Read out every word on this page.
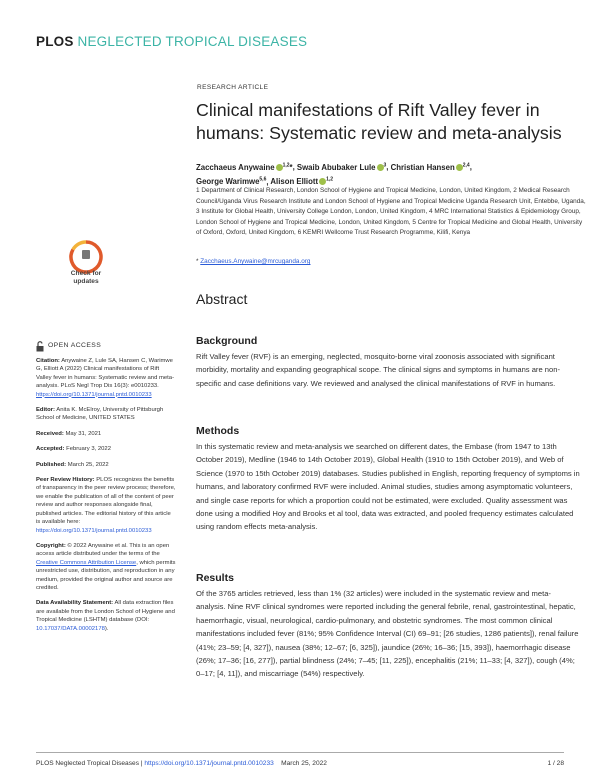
PLOS NEGLECTED TROPICAL DISEASES
RESEARCH ARTICLE
Clinical manifestations of Rift Valley fever in humans: Systematic review and meta-analysis
Zacchaeus Anywaine $^{1,2}$*, Swaib Abubaker Lule $^3$, Christian Hansen $^{2,4}$,
George Warimwe$^{5,6}$, Alison Elliott $^{1,2}$
1 Department of Clinical Research, London School of Hygiene and Tropical Medicine, London, United Kingdom, 2 Medical Research Council/Uganda Virus Research Institute and London School of Hygiene and Tropical Medicine Uganda Research Unit, Entebbe, Uganda, 3 Institute for Global Health, University College London, London, United Kingdom, 4 MRC International Statistics & Epidemiology Group, London School of Hygiene and Tropical Medicine, London, United Kingdom, 5 Centre for Tropical Medicine and Global Health, University of Oxford, Oxford, United Kingdom, 6 KEMRI Wellcome Trust Research Programme, Kilifi, Kenya
* Zacchaeus.Anywaine@mrcuganda.org
Check for updates
Abstract
Background
Rift Valley fever (RVF) is an emerging, neglected, mosquito-borne viral zoonosis associated with significant morbidity, mortality and expanding geographical scope. The clinical signs and symptoms in humans are non-specific and case definitions vary. We reviewed and analysed the clinical manifestations of RVF in humans.
Methods
In this systematic review and meta-analysis we searched on different dates, the Embase (from 1947 to 13th October 2019), Medline (1946 to 14th October 2019), Global Health (1910 to 15th October 2019), and Web of Science (1970 to 15th October 2019) databases. Studies published in English, reporting frequency of symptoms in humans, and laboratory confirmed RVF were included. Animal studies, studies among asymptomatic volunteers, and single case reports for which a proportion could not be estimated, were excluded. Quality assessment was done using a modified Hoy and Brooks et al tool, data was extracted, and pooled frequency estimates calculated using random effects meta-analysis.
Results
Of the 3765 articles retrieved, less than 1% (32 articles) were included in the systematic review and meta-analysis. Nine RVF clinical syndromes were reported including the general febrile, renal, gastrointestinal, hepatic, haemorrhagic, visual, neurological, cardio-pulmonary, and obstetric syndromes. The most common clinical manifestations included fever (81%; 95% Confidence Interval (CI) 69–91; [26 studies, 1286 patients]), renal failure (41%; 23–59; [4, 327]), nausea (38%; 12–67; [6, 325]), jaundice (26%; 16–36; [15, 393]), haemorrhagic disease (26%; 17–36; [16, 277]), partial blindness (24%; 7–45; [11, 225]), encephalitis (21%; 11–33; [4, 327]), cough (4%; 0–17; [4, 11]), and miscarriage (54%) respectively.
OPEN ACCESS
Citation: Anywaine Z, Lule SA, Hansen C, Warimwe G, Elliott A (2022) Clinical manifestations of Rift Valley fever in humans: Systematic review and meta-analysis. PLoS Negl Trop Dis 16(3): e0010233. https://doi.org/10.1371/journal.pntd.0010233
Editor: Anita K. McElroy, University of Pittsburgh School of Medicine, UNITED STATES
Received: May 31, 2021
Accepted: February 3, 2022
Published: March 25, 2022
Peer Review History: PLOS recognizes the benefits of transparency in the peer review process; therefore, we enable the publication of all of the content of peer review and author responses alongside final, published articles. The editorial history of this article is available here: https://doi.org/10.1371/journal.pntd.0010233
Copyright: © 2022 Anywaine et al. This is an open access article distributed under the terms of the Creative Commons Attribution License, which permits unrestricted use, distribution, and reproduction in any medium, provided the original author and source are credited.
Data Availability Statement: All data extraction files are available from the London School of Hygiene and Tropical Medicine (LSHTM) database (DOI: 10.17037/DATA.00002178).
PLOS Neglected Tropical Diseases | https://doi.org/10.1371/journal.pntd.0010233 March 25, 2022	1 / 28
